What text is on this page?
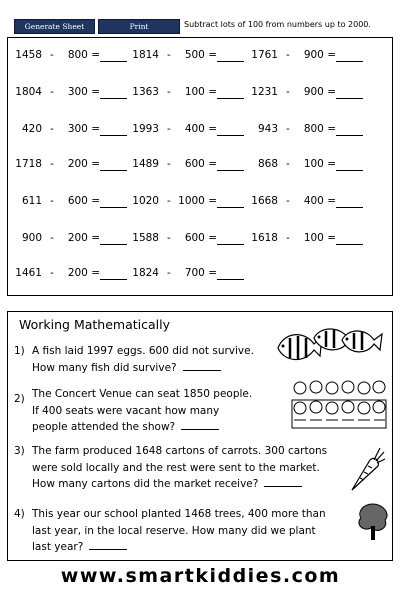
Generate Sheet	Print	Subtract lots of 100 from numbers up to 2000.
1458 - 800 =	1814 - 500 =	1761 - 900 =
1804 - 300 =	1363 - 100 =	1231 - 900 =
420 - 300 =	1993 - 400 =	943 - 800 =
1718 - 200 =	1489 - 600 =	868 - 100 =
611 - 600 =	1020 - 1000 =	1668 - 400 =
900 - 200 =	1588 - 600 =	1618 - 100 =
1461 - 200 =	1824 - 700 =
Working Mathematically
1) A fish laid 1997 eggs. 600 did not survive.
How many fish did survive?
2) The Concert Venue can seat 1850 people.
If 400 seats were vacant how many
people attended the show?
3) The farm produced 1648 cartons of carrots. 300 cartons
were sold locally and the rest were sent to the market.
How many cartons did the market receive?
4) This year our school planted 1468 trees, 400 more than
last year, in the local reserve. How many did we plant
last year?
www.smartkiddies.com
